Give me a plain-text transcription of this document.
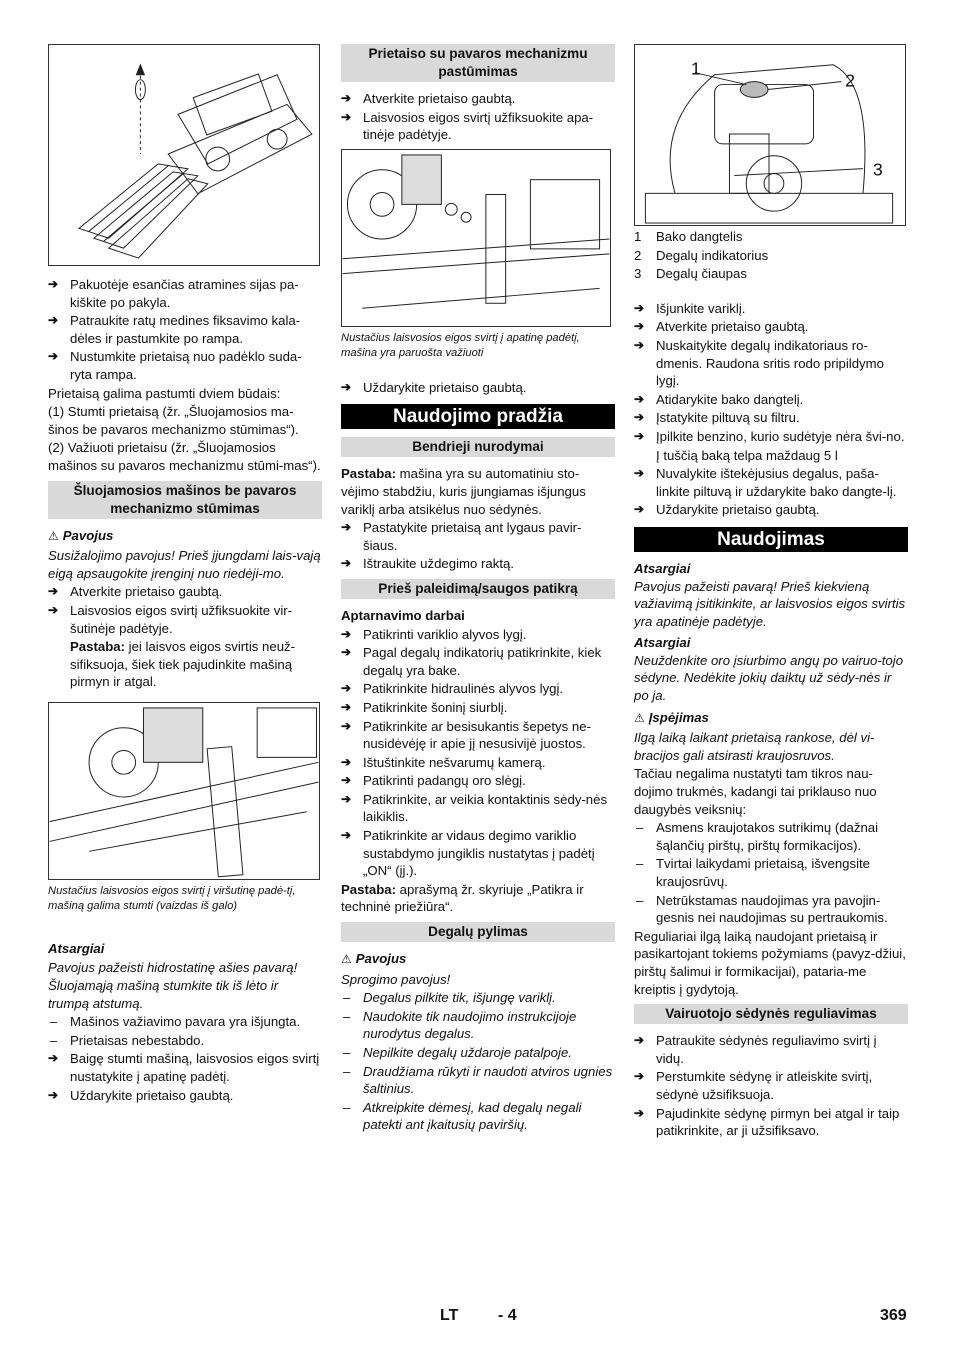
➔ Pakuotėje esančias atramines sijas pa-kiškite po pakyla.
➔ Patraukite ratų medines fiksavimo kala-dėles ir pastumkite po rampa.
➔ Nustumkite prietaisą nuo padėklo suda-ryta rampa.
Prietaisą galima pastumti dviem būdais:
(1) Stumti prietaisą (žr. „Šluojamosios ma-šinos be pavaros mechanizmo stūmimas“).
(2) Važiuoti prietaisu (žr. „Šluojamosios mašinos su pavaros mechanizmu stūmi-mas“).
Šluojamosios mašinos be pavaros mechanizmo stūmimas
⚠ Pavojus
Susižalojimo pavojus! Prieš įjungdami lais-vają eigą apsaugokite įrenginį nuo riedėji-mo.
➔ Atverkite prietaiso gaubtą.
➔ Laisvosios eigos svirtį užfiksuokite vir-šutinėje padėtyje.
Pastaba: jei laisvos eigos svirtis neuž-sifiksuoja, šiek tiek pajudinkite mašiną pirmyn ir atgal.
Nustačius laisvosios eigos svirtį į viršutinę padė-tį, mašiną galima stumti (vaizdas iš galo)
Atsargiai
Pavojus pažeisti hidrostatinę ašies pavarą! Šluojamąją mašiną stumkite tik iš lėto ir trumpą atstumą.
– Mašinos važiavimo pavara yra išjungta.
– Prietaisas nebestabdo.
➔ Baigę stumti mašiną, laisvosios eigos svirtį nustatykite į apatinę padėtį.
➔ Uždarykite prietaiso gaubtą.
Prietaiso su pavaros mechanizmu pastūmimas
➔ Atverkite prietaiso gaubtą.
➔ Laisvosios eigos svirtį užfiksuokite apa-tinėje padėtyje.
Nustačius laisvosios eigos svirtį į apatinę padėtį, mašina yra paruošta važiuoti
➔ Uždarykite prietaiso gaubtą.
Naudojimo pradžia
Bendrieji nurodymai
Pastaba: mašina yra su automatiniu sto-vėjimo stabdžiu, kuris įjungiamas išjungus variklį arba atsikėlus nuo sėdynės.
➔ Pastatykite prietaisą ant lygaus pavir-šiaus.
➔ Ištraukite uždegimo raktą.
Prieš paleidimą/saugos patikrą
Aptarnavimo darbai
➔ Patikrinti variklio alyvos lygį.
➔ Pagal degalų indikatorių patikrinkite, kiek degalų yra bake.
➔ Patikrinkite hidraulinės alyvos lygį.
➔ Patikrinkite šoninį siurblį.
➔ Patikrinkite ar besisukantis šepetys ne-nusidėvėję ir apie jį nesusivijė juostos.
➔ Ištuštinkite nešvarumų kamerą.
➔ Patikrinti padangų oro slėgį.
➔ Patikrinkite, ar veikia kontaktinis sėdy-nės laikiklis.
➔ Patikrinkite ar vidaus degimo variklio sustabdymo jungiklis nustatytas į padėtį „ON“ (įj.).
Pastaba: aprašymą žr. skyriuje „Patikra ir techninė priežiūra“.
Degalų pylimas
⚠ Pavojus
Sprogimo pavojus!
– Degalus pilkite tik, išjungę variklį.
– Naudokite tik naudojimo instrukcijoje nurodytus degalus.
– Nepilkite degalų uždaroje patalpoje.
– Draudžiama rūkyti ir naudoti atviros ugnies šaltinius.
– Atkreipkite dėmesį, kad degalų negali patekti ant įkaitusių paviršių.
1
2
3
1	Bako dangtelis
2	Degalų indikatorius
3	Degalų čiaupas
➔ Išjunkite variklį.
➔ Atverkite prietaiso gaubtą.
➔ Nuskaitykite degalų indikatoriaus ro-dmenis. Raudona sritis rodo pripildymo lygį.
➔ Atidarykite bako dangtelį.
➔ Įstatykite piltuvą su filtru.
➔ Įpilkite benzino, kurio sudėtyje nėra švi-no.
Į tuščią baką telpa maždaug 5 l
➔ Nuvalykite ištekėjusius degalus, paša-linkite piltuvą ir uždarykite bako dangte-lį.
➔ Uždarykite prietaiso gaubtą.
Naudojimas
Atsargiai
Pavojus pažeisti pavarą! Prieš kiekvieną važiavimą įsitikinkite, ar laisvosios eigos svirtis yra apatinėje padėtyje.
Atsargiai
Neuždenkite oro įsiurbimo angų po vairuo-tojo sėdyne. Nedėkite jokių daiktų už sėdy-nės ir po ja.
⚠ Įspėjimas
Ilgą laiką laikant prietaisą rankose, dėl vi-bracijos gali atsirasti kraujosruvos.
Tačiau negalima nustatyti tam tikros nau-dojimo trukmės, kadangi tai priklauso nuo daugybės veiksnių:
– Asmens kraujotakos sutrikimų (dažnai šąlančių pirštų, pirštų formikacijos).
– Tvirtai laikydami prietaisą, išvengsite kraujosrūvų.
– Netrūkstamas naudojimas yra pavojin-gesnis nei naudojimas su pertraukomis.
Reguliariai ilgą laiką naudojant prietaisą ir pasikartojant tokiems požymiams (pavyz-džiui, pirštų šalimui ir formikacijai), pataria-me kreiptis į gydytoją.
Vairuotojo sėdynės reguliavimas
➔ Patraukite sėdynės reguliavimo svirtį į vidų.
➔ Perstumkite sėdynę ir atleiskite svirtį, sėdynė užsifiksuoja.
➔ Pajudinkite sėdynę pirmyn bei atgal ir taip patikrinkite, ar ji užsifiksavo.
LT - 4	369
